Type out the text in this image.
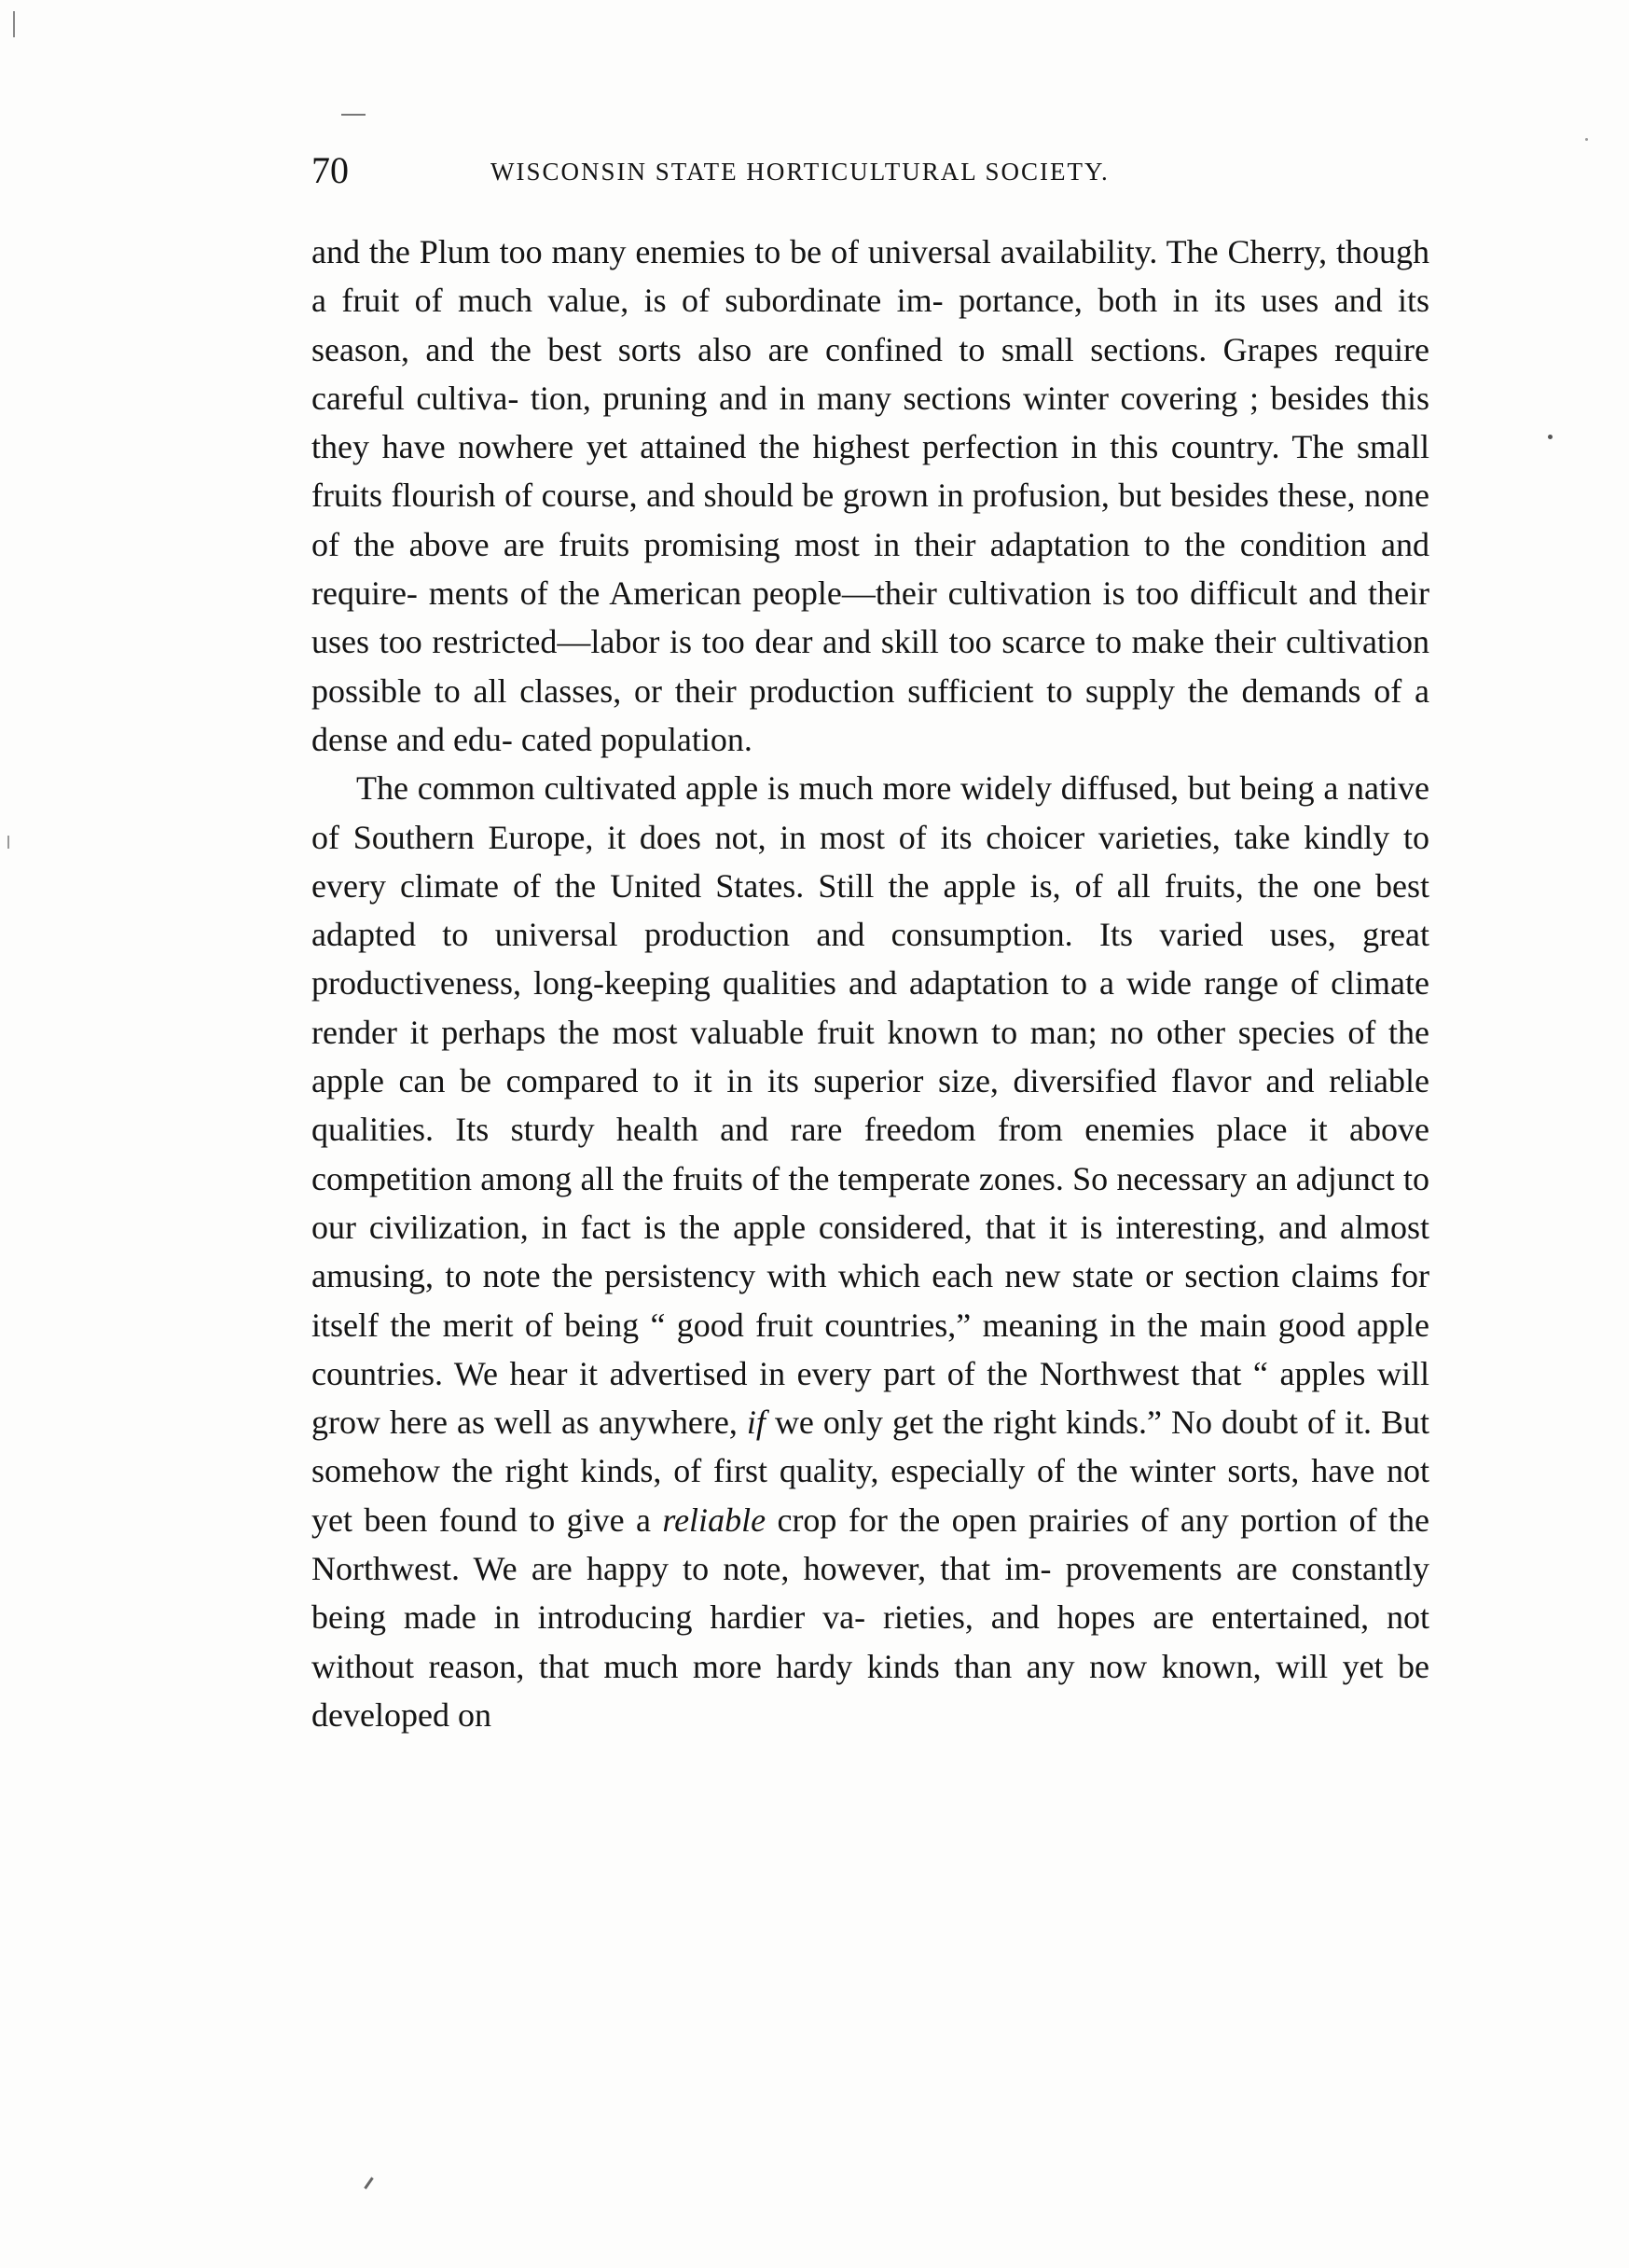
70	WISCONSIN STATE HORTICULTURAL SOCIETY.

and the Plum too many enemies to be of universal availability. The Cherry, though a fruit of much value, is of subordinate im- portance, both in its uses and its season, and the best sorts also are confined to small sections. Grapes require careful cultiva- tion, pruning and in many sections winter covering ; besides this they have nowhere yet attained the highest perfection in this country. The small fruits flourish of course, and should be grown in profusion, but besides these, none of the above are fruits promising most in their adaptation to the condition and require- ments of the American people—their cultivation is too difficult and their uses too restricted—labor is too dear and skill too scarce to make their cultivation possible to all classes, or their production sufficient to supply the demands of a dense and edu- cated population.

The common cultivated apple is much more widely diffused, but being a native of Southern Europe, it does not, in most of its choicer varieties, take kindly to every climate of the United States. Still the apple is, of all fruits, the one best adapted to universal production and consumption. Its varied uses, great productiveness, long-keeping qualities and adaptation to a wide range of climate render it perhaps the most valuable fruit known to man; no other species of the apple can be compared to it in its superior size, diversified flavor and reliable qualities. Its sturdy health and rare freedom from enemies place it above competition among all the fruits of the temperate zones. So necessary an adjunct to our civilization, in fact is the apple considered, that it is interesting, and almost amusing, to note the persistency with which each new state or section claims for itself the merit of being “ good fruit countries,” meaning in the main good apple countries. We hear it advertised in every part of the Northwest that “ apples will grow here as well as anywhere, if we only get the right kinds.” No doubt of it. But somehow the right kinds, of first quality, especially of the winter sorts, have not yet been found to give a reliable crop for the open prairies of any portion of the Northwest. We are happy to note, however, that im- provements are constantly being made in introducing hardier va- rieties, and hopes are entertained, not without reason, that much more hardy kinds than any now known, will yet be developed on
